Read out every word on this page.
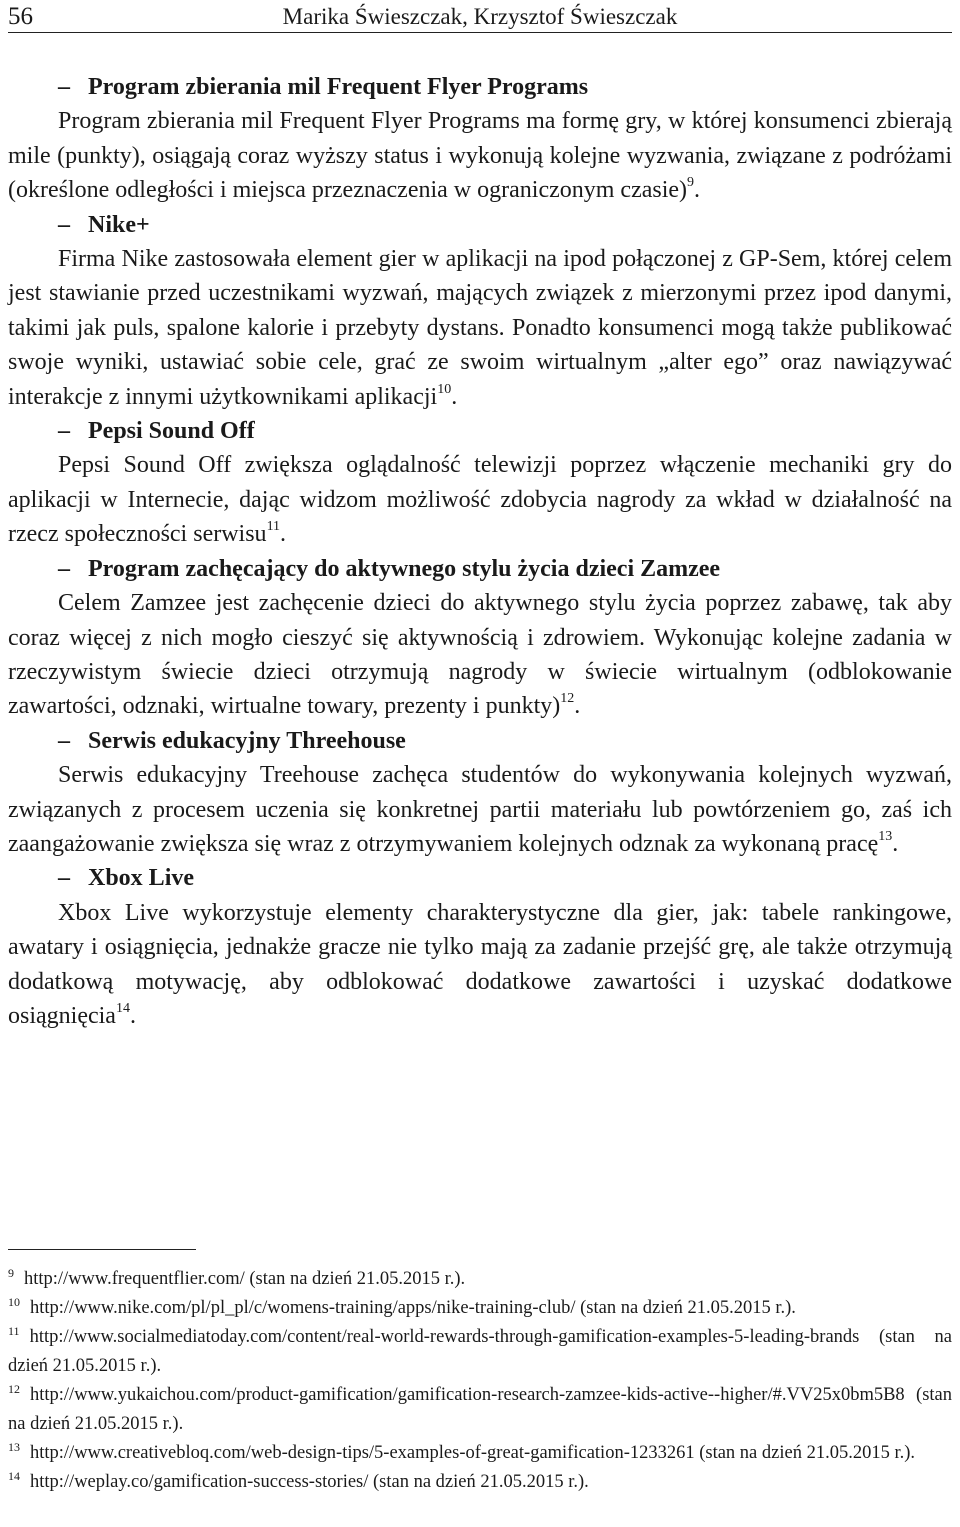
56	Marika Świeszczak, Krzysztof Świeszczak
– Program zbierania mil Frequent Flyer Programs
Program zbierania mil Frequent Flyer Programs ma formę gry, w której konsumenci zbierają mile (punkty), osiągają coraz wyższy status i wykonują kolejne wyzwania, związane z podróżami (określone odległości i miejsca przeznaczenia w ograniczonym czasie)$^9$.
– Nike+
Firma Nike zastosowała element gier w aplikacji na ipod połączonej z GP-Sem, której celem jest stawianie przed uczestnikami wyzwań, mających związek z mierzonymi przez ipod danymi, takimi jak puls, spalone kalorie i przebyty dystans. Ponadto konsumenci mogą także publikować swoje wyniki, ustawiać sobie cele, grać ze swoim wirtualnym „alter ego” oraz nawiązywać interakcje z innymi użytkownikami aplikacji$^{10}$.
– Pepsi Sound Off
Pepsi Sound Off zwiększa oglądalność telewizji poprzez włączenie mechaniki gry do aplikacji w Internecie, dając widzom możliwość zdobycia nagrody za wkład w działalność na rzecz społeczności serwisu$^{11}$.
– Program zachęcający do aktywnego stylu życia dzieci Zamzee
Celem Zamzee jest zachęcenie dzieci do aktywnego stylu życia poprzez zabawę, tak aby coraz więcej z nich mogło cieszyć się aktywnością i zdrowiem. Wykonując kolejne zadania w rzeczywistym świecie dzieci otrzymują nagrody w świecie wirtualnym (odblokowanie zawartości, odznaki, wirtualne towary, prezenty i punkty)$^{12}$.
– Serwis edukacyjny Threehouse
Serwis edukacyjny Treehouse zachęca studentów do wykonywania kolejnych wyzwań, związanych z procesem uczenia się konkretnej partii materiału lub powtórzeniem go, zaś ich zaangażowanie zwiększa się wraz z otrzymywaniem kolejnych odznak za wykonaną pracę$^{13}$.
– Xbox Live
Xbox Live wykorzystuje elementy charakterystyczne dla gier, jak: tabele rankingowe, awatary i osiągnięcia, jednakże gracze nie tylko mają za zadanie przejść grę, ale także otrzymują dodatkową motywację, aby odblokować dodatkowe zawartości i uzyskać dodatkowe osiągnięcia$^{14}$.

$^9$ http://www.frequentflier.com/ (stan na dzień 21.05.2015 r.).

$^{10}$ http://www.nike.com/pl/pl_pl/c/womens-training/apps/nike-training-club/ (stan na dzień 21.05.2015 r.).

$^{11}$ http://www.socialmediatoday.com/content/real-world-rewards-through-gamification-examples-5-leading-brands (stan na dzień 21.05.2015 r.).

$^{12}$ http://www.yukaichou.com/product-gamification/gamification-research-zamzee-kids-active--higher/#.VV25x0bm5B8 (stan na dzień 21.05.2015 r.).

$^{13}$ http://www.creativebloq.com/web-design-tips/5-examples-of-great-gamification-1233261 (stan na dzień 21.05.2015 r.).

$^{14}$ http://weplay.co/gamification-success-stories/ (stan na dzień 21.05.2015 r.).
